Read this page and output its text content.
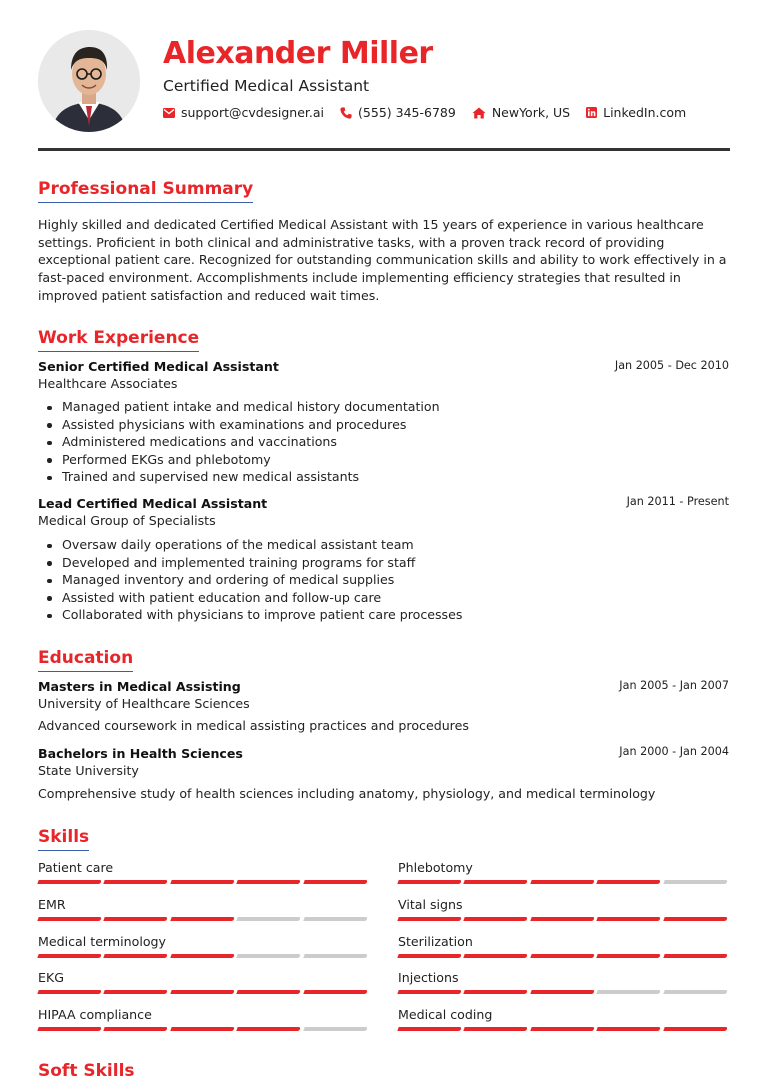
Alexander Miller
Certified Medical Assistant
support@cvdesigner.ai	(555) 345-6789	NewYork, US	LinkedIn.com
Professional Summary
Highly skilled and dedicated Certified Medical Assistant with 15 years of experience in various healthcare settings. Proficient in both clinical and administrative tasks, with a proven track record of providing exceptional patient care. Recognized for outstanding communication skills and ability to work effectively in a fast-paced environment. Accomplishments include implementing efficiency strategies that resulted in improved patient satisfaction and reduced wait times.
Work Experience
Senior Certified Medical Assistant	Jan 2005 - Dec 2010
Healthcare Associates
Managed patient intake and medical history documentation
Assisted physicians with examinations and procedures
Administered medications and vaccinations
Performed EKGs and phlebotomy
Trained and supervised new medical assistants
Lead Certified Medical Assistant	Jan 2011 - Present
Medical Group of Specialists
Oversaw daily operations of the medical assistant team
Developed and implemented training programs for staff
Managed inventory and ordering of medical supplies
Assisted with patient education and follow-up care
Collaborated with physicians to improve patient care processes
Education
Masters in Medical Assisting	Jan 2005 - Jan 2007
University of Healthcare Sciences
Advanced coursework in medical assisting practices and procedures
Bachelors in Health Sciences	Jan 2000 - Jan 2004
State University
Comprehensive study of health sciences including anatomy, physiology, and medical terminology
Skills
Patient care	Phlebotomy
EMR	Vital signs
Medical terminology	Sterilization
EKG	Injections
HIPAA compliance	Medical coding
Soft Skills
